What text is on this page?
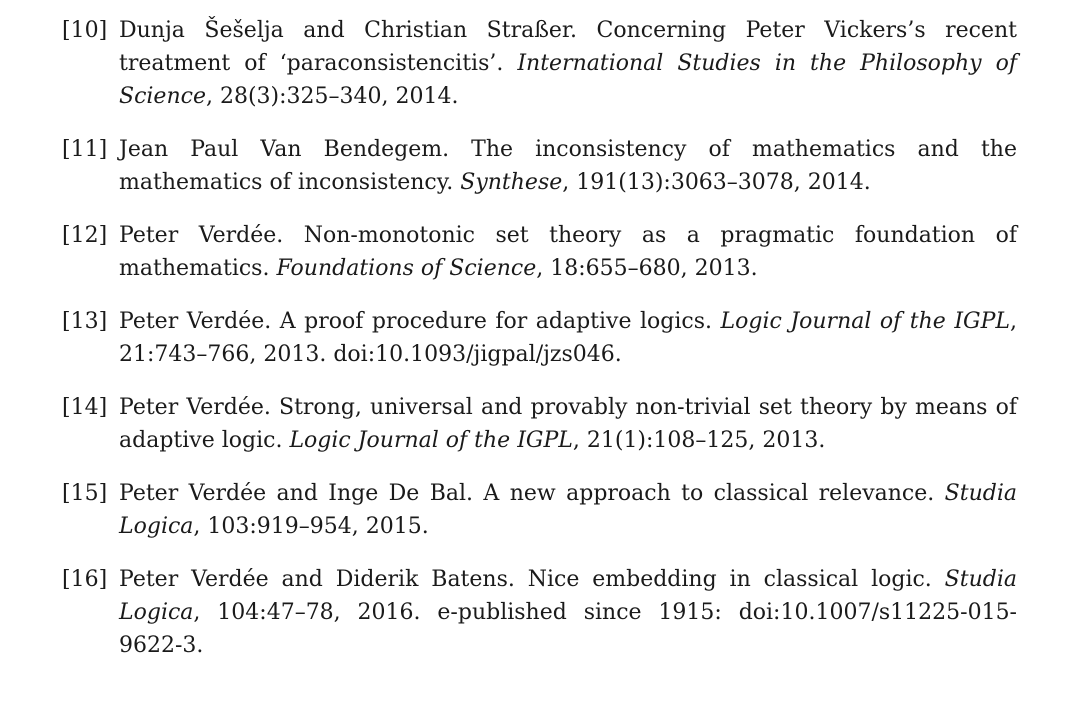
[10] Dunja Šešelja and Christian Straßer. Concerning Peter Vickers’s recent treatment of ‘paraconsistencitis’. International Studies in the Philosophy of Science, 28(3):325–340, 2014.
[11] Jean Paul Van Bendegem. The inconsistency of mathematics and the mathematics of inconsistency. Synthese, 191(13):3063–3078, 2014.
[12] Peter Verdée. Non-monotonic set theory as a pragmatic foundation of mathematics. Foundations of Science, 18:655–680, 2013.
[13] Peter Verdée. A proof procedure for adaptive logics. Logic Journal of the IGPL, 21:743–766, 2013. doi:10.1093/jigpal/jzs046.
[14] Peter Verdée. Strong, universal and provably non-trivial set theory by means of adaptive logic. Logic Journal of the IGPL, 21(1):108–125, 2013.
[15] Peter Verdée and Inge De Bal. A new approach to classical relevance. Studia Logica, 103:919–954, 2015.
[16] Peter Verdée and Diderik Batens. Nice embedding in classical logic. Studia Logica, 104:47–78, 2016. e-published since 1915: doi:10.1007/s11225-015-9622-3.
